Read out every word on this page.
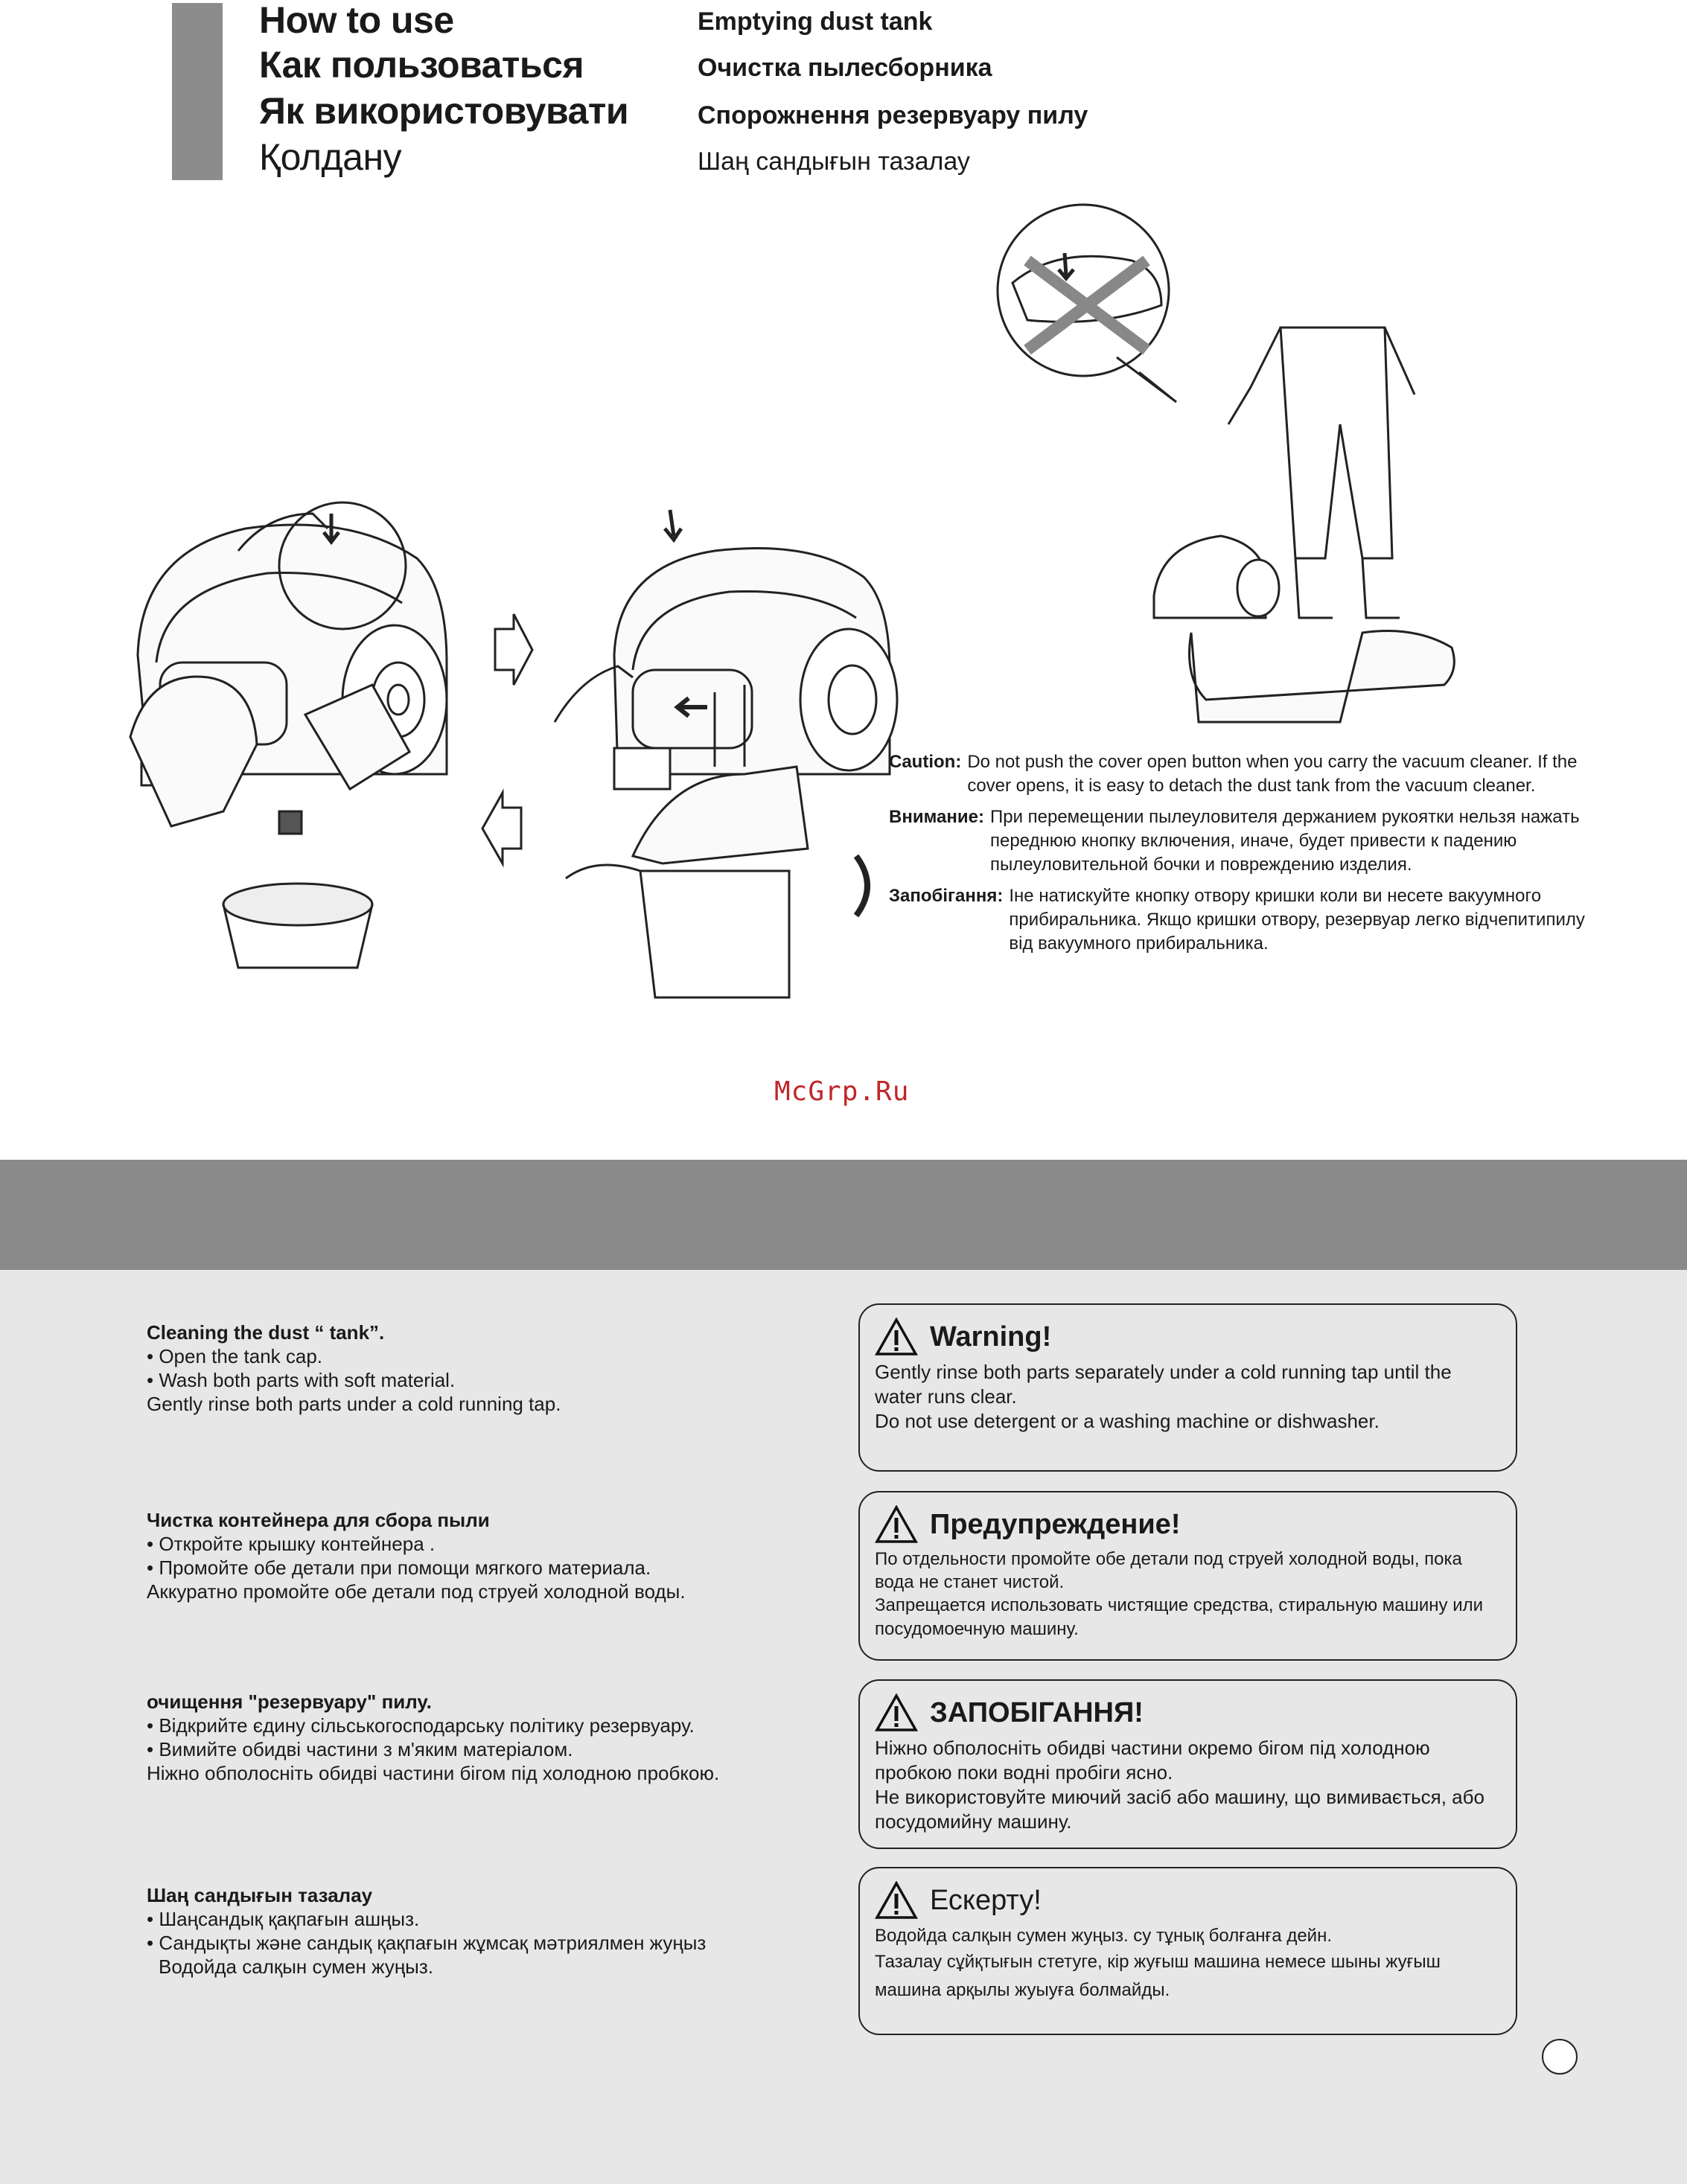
How to use
Как пользоваться
Як використовувати
Қолдану
Emptying dust tank
Очистка пылесборника
Спорожнення резервуару пилу
Шаң сандығын тазалау
Caution: Do not push the cover open button when you carry the vacuum cleaner. If the cover opens, it is easy to detach the dust tank from the vacuum cleaner.
Внимание: При перемещении пылеуловителя держанием рукоятки нельзя нажать переднюю кнопку включения, иначе, будет привести к падению пылеуловительной бочки и повреждению изделия.
Запобігання: Іне натискуйте кнопку отвору кришки коли ви несете вакуумного прибиральника. Якщо кришки отвору, резервуар легко відчепитипилу від вакуумного прибиральника.
McGrp.Ru
Cleaning the dust “ tank”.
• Open the tank cap.
• Wash both parts with soft material.
Gently rinse both parts under a cold running tap.
Чистка контейнера для сбора пыли
• Откройте крышку контейнера .
• Промойте обе детали при помощи мягкого материала.
Аккуратно промойте обе детали под струей холодной воды.
очищення "резервуару" пилу.
• Відкрийте єдину сільськогосподарську політику резервуару.
• Вимийте обидві частини з м'яким матеріалом.
Ніжно обполосніть обидві частини бігом під холодною пробкою.
Шаң сандығын тазалау
• Шаңсандық қақпағын ашңыз.
• Сандықты және сандық қақпағын жұмсақ мәтриялмен жуңыз
Водойда салқын сумен жуңыз.
Warning!
Gently rinse both parts separately under a cold running tap until the water runs clear.
Do not use detergent or a washing machine or dishwasher.
Предупреждение!
По отдельности промойте обе детали под струей холодной воды, пока вода не станет чистой.
Запрещается использовать чистящие средства, стиральную машину или посудомоечную машину.
ЗАПОБІГАННЯ!
Ніжно обполосніть обидві частини окремо бігом під холодною пробкою поки водні пробіги ясно.
Не використовуйте миючий засіб або машину, що вимивається, або посудомийну машину.
Ескерту!
Водойда салқын сумен жуңыз. су тұнық болғанға дейн.
Тазалау сұйқтығын стетуге, кір жуғыш машина немесе шыны жуғыш машина арқылы жуыуға болмайды.
